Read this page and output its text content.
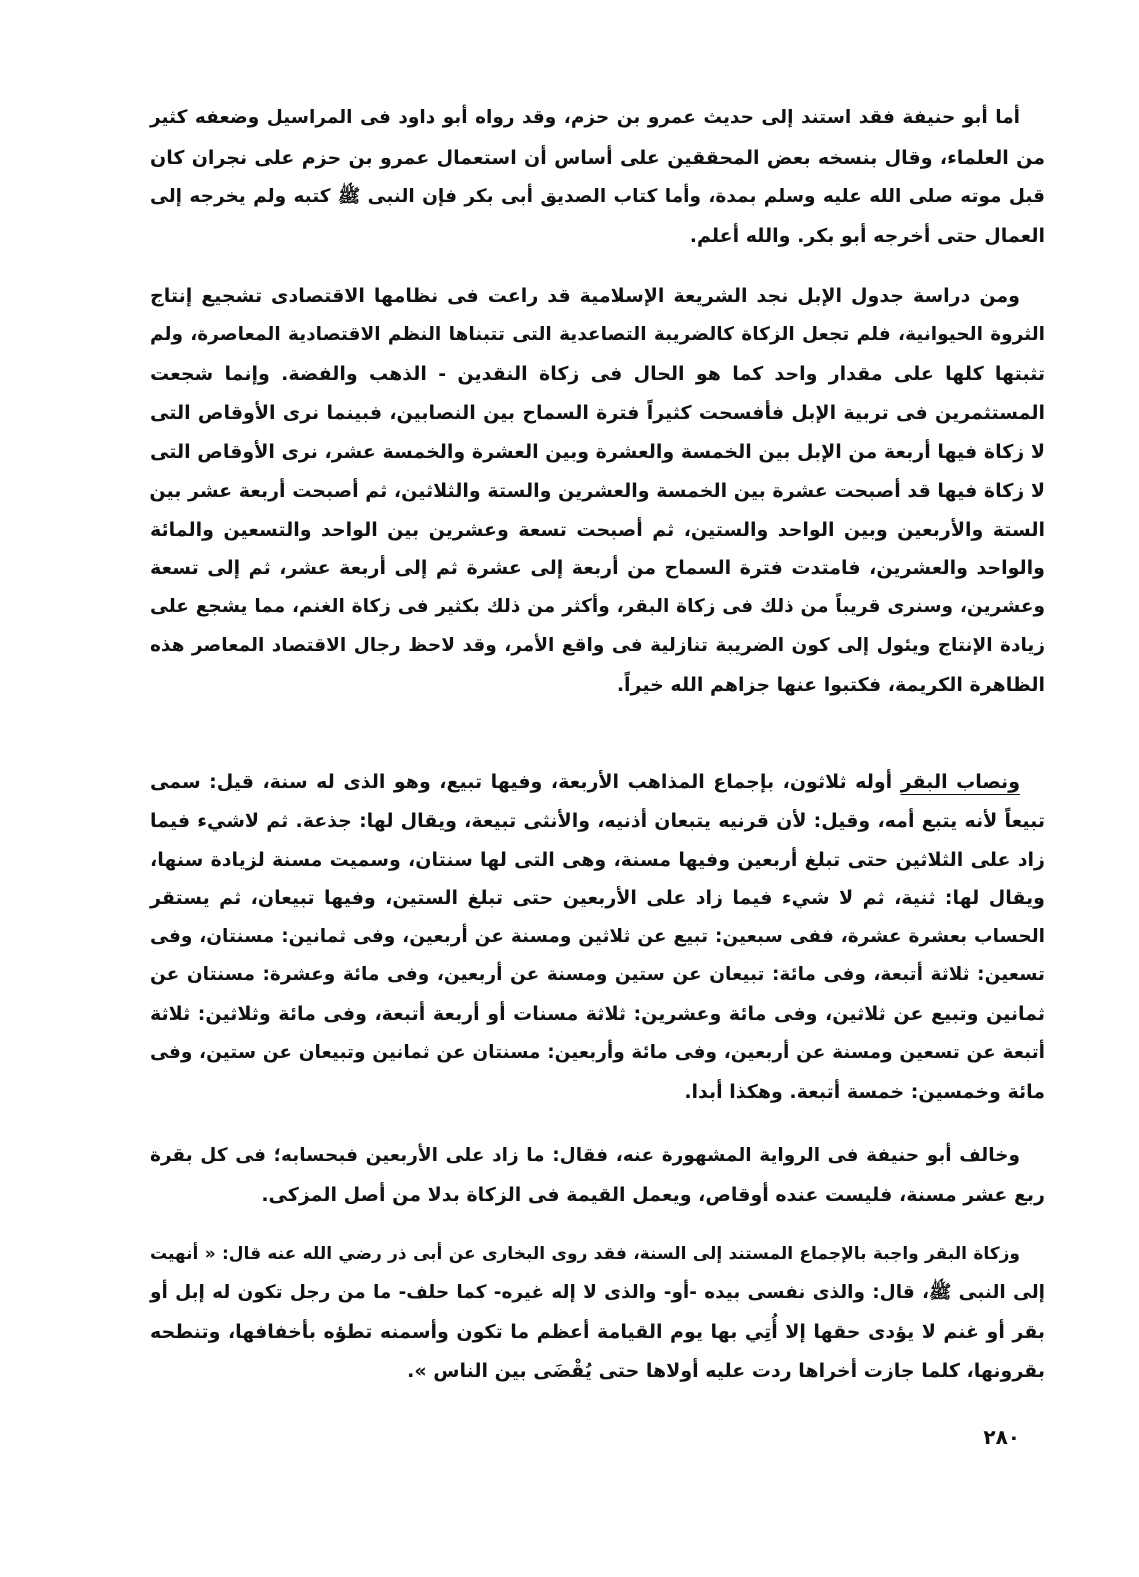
أما أبو حنيفة فقد استند إلى حديث عمرو بن حزم، وقد رواه أبو داود فى المراسيل وضعفه كثير
من العلماء، وقال بنسخه بعض المحققين على أساس أن استعمال عمرو بن حزم على نجران كان
قبل موته صلى الله عليه وسلم بمدة، وأما كتاب الصديق أبى بكر فإن النبى ﷺ كتبه ولم يخرجه إلى
العمال حتى أخرجه أبو بكر. والله أعلم.
ومن دراسة جدول الإبل نجد الشريعة الإسلامية قد راعت فى نظامها الاقتصادى تشجيع إنتاج
الثروة الحيوانية، فلم تجعل الزكاة كالضريبة التصاعدية التى تتبناها النظم الاقتصادية المعاصرة، ولم
تثبتها كلها على مقدار واحد كما هو الحال فى زكاة النقدين - الذهب والفضة. وإنما شجعت
المستثمرين فى تربية الإبل فأفسحت كثيراً فترة السماح بين النصابين، فبينما نرى الأوقاص التى
لا زكاة فيها أربعة من الإبل بين الخمسة والعشرة وبين العشرة والخمسة عشر، نرى الأوقاص التى
لا زكاة فيها قد أصبحت عشرة بين الخمسة والعشرين والستة والثلاثين، ثم أصبحت أربعة عشر بين
الستة والأربعين وبين الواحد والستين، ثم أصبحت تسعة وعشرين بين الواحد والتسعين والمائة
والواحد والعشرين، فامتدت فترة السماح من أربعة إلى عشرة ثم إلى أربعة عشر، ثم إلى تسعة
وعشرين، وسنرى قريباً من ذلك فى زكاة البقر، وأكثر من ذلك بكثير فى زكاة الغنم، مما يشجع على
زيادة الإنتاج ويئول إلى كون الضريبة تنازلية فى واقع الأمر، وقد لاحظ رجال الاقتصاد المعاصر هذه
الظاهرة الكريمة، فكتبوا عنها جزاهم الله خيراً.
ونصاب البقر أوله ثلاثون، بإجماع المذاهب الأربعة، وفيها تبيع، وهو الذى له سنة، قيل: سمى
تبيعاً لأنه يتبع أمه، وقيل: لأن قرنيه يتبعان أذنيه، والأنثى تبيعة، ويقال لها: جذعة. ثم لاشيء فيما
زاد على الثلاثين حتى تبلغ أربعين وفيها مسنة، وهى التى لها سنتان، وسميت مسنة لزيادة سنها،
ويقال لها: ثنية، ثم لا شيء فيما زاد على الأربعين حتى تبلغ الستين، وفيها تبيعان، ثم يستقر
الحساب بعشرة عشرة، ففى سبعين: تبيع عن ثلاثين ومسنة عن أربعين، وفى ثمانين: مسنتان، وفى
تسعين: ثلاثة أتبعة، وفى مائة: تبيعان عن ستين ومسنة عن أربعين، وفى مائة وعشرة: مسنتان عن
ثمانين وتبيع عن ثلاثين، وفى مائة وعشرين: ثلاثة مسنات أو أربعة أتبعة، وفى مائة وثلاثين: ثلاثة
أتبعة عن تسعين ومسنة عن أربعين، وفى مائة وأربعين: مسنتان عن ثمانين وتبيعان عن ستين، وفى
مائة وخمسين: خمسة أتبعة. وهكذا أبدا.
وخالف أبو حنيفة فى الرواية المشهورة عنه، فقال: ما زاد على الأربعين فبحسابه؛ فى كل بقرة
ربع عشر مسنة، فليست عنده أوقاص، ويعمل القيمة فى الزكاة بدلا من أصل المزكى.
وزكاة البقر واجبة بالإجماع المستند إلى السنة، فقد روى البخارى عن أبى ذر رضي الله عنه قال: « أنهيت
إلى النبى ﷺ، قال: والذى نفسى بيده -أو- والذى لا إله غيره- كما حلف- ما من رجل تكون له إبل أو
بقر أو غنم لا يؤدى حقها إلا أُتِي بها يوم القيامة أعظم ما تكون وأسمنه تطؤه بأخفافها، وتنطحه
بقرونها، كلما جازت أخراها ردت عليه أولاها حتى يُقْضَى بين الناس ».
٢٨٠
